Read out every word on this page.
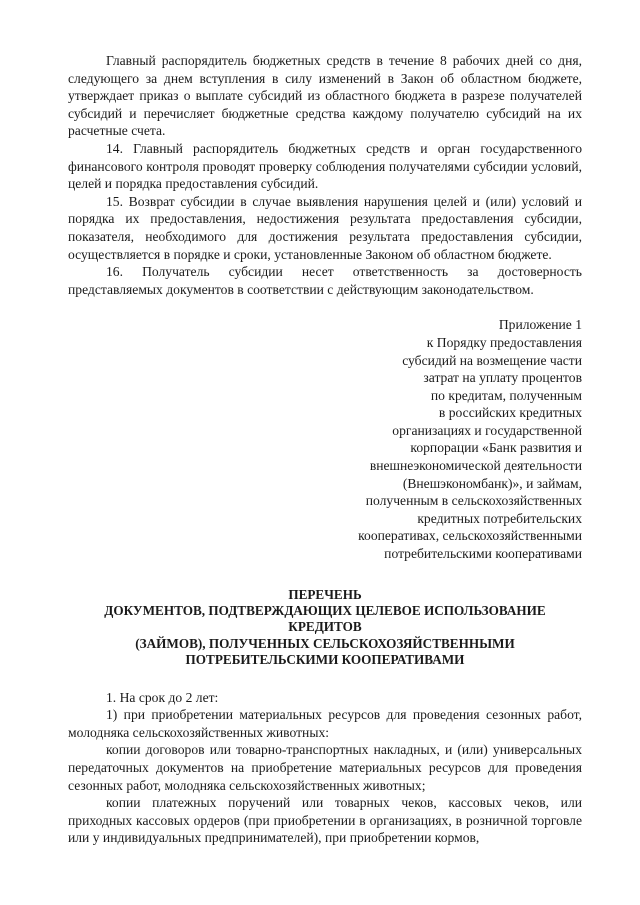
Главный распорядитель бюджетных средств в течение 8 рабочих дней со дня, следующего за днем вступления в силу изменений в Закон об областном бюджете, утверждает приказ о выплате субсидий из областного бюджета в разрезе получателей субсидий и перечисляет бюджетные средства каждому получателю субсидий на их расчетные счета.

14. Главный распорядитель бюджетных средств и орган государственного финансового контроля проводят проверку соблюдения получателями субсидии условий, целей и порядка предоставления субсидий.

15. Возврат субсидии в случае выявления нарушения целей и (или) условий и порядка их предоставления, недостижения результата предоставления субсидии, показателя, необходимого для достижения результата предоставления субсидии, осуществляется в порядке и сроки, установленные Законом об областном бюджете.

16. Получатель субсидии несет ответственность за достоверность представляемых документов в соответствии с действующим законодательством.

Приложение 1
к Порядку предоставления
субсидий на возмещение части
затрат на уплату процентов
по кредитам, полученным
в российских кредитных
организациях и государственной
корпорации «Банк развития и
внешнеэкономической деятельности
(Внешэкономбанк)», и займам,
полученным в сельскохозяйственных
кредитных потребительских
кооперативах, сельскохозяйственными
потребительскими кооперативами
ПЕРЕЧЕНЬ
ДОКУМЕНТОВ, ПОДТВЕРЖДАЮЩИХ ЦЕЛЕВОЕ ИСПОЛЬЗОВАНИЕ КРЕДИТОВ
(ЗАЙМОВ), ПОЛУЧЕННЫХ СЕЛЬСКОХОЗЯЙСТВЕННЫМИ
ПОТРЕБИТЕЛЬСКИМИ КООПЕРАТИВАМИ

1. На срок до 2 лет:

1) при приобретении материальных ресурсов для проведения сезонных работ, молодняка сельскохозяйственных животных:

копии договоров или товарно-транспортных накладных, и (или) универсальных передаточных документов на приобретение материальных ресурсов для проведения сезонных работ, молодняка сельскохозяйственных животных;

копии платежных поручений или товарных чеков, кассовых чеков, или приходных кассовых ордеров (при приобретении в организациях, в розничной торговле или у индивидуальных предпринимателей), при приобретении кормов,
